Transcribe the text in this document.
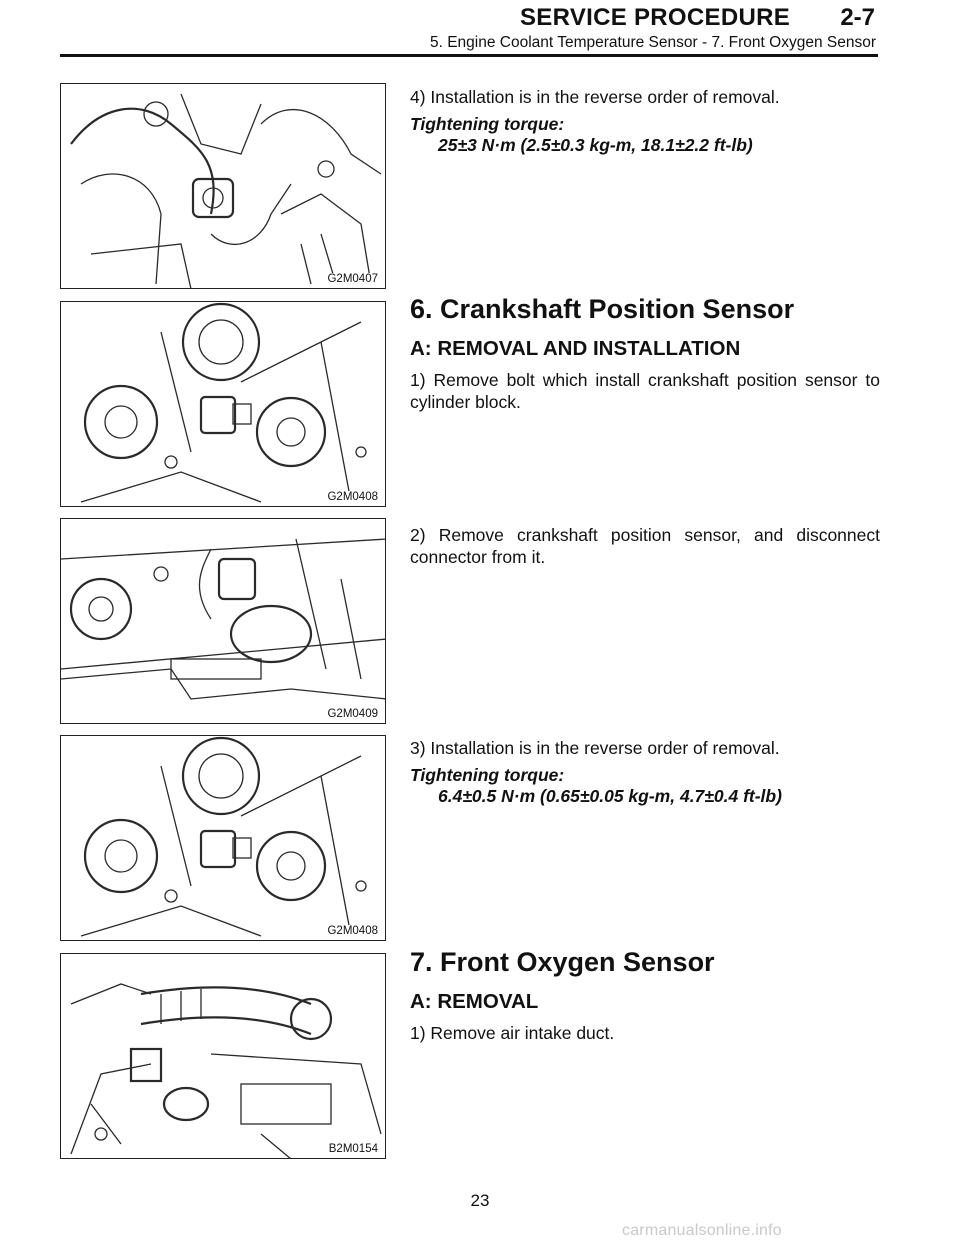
SERVICE PROCEDURE 2-7
5. Engine Coolant Temperature Sensor - 7. Front Oxygen Sensor
G2M0407
G2M0408
G2M0409
G2M0408
B2M0154

4) Installation is in the reverse order of removal.

Tightening torque:

25±3 N·m (2.5±0.3 kg-m, 18.1±2.2 ft-lb)

6. Crankshaft Position Sensor

A: REMOVAL AND INSTALLATION

1) Remove bolt which install crankshaft position sensor to cylinder block.

2) Remove crankshaft position sensor, and disconnect connector from it.

3) Installation is in the reverse order of removal.

Tightening torque:

6.4±0.5 N·m (0.65±0.05 kg-m, 4.7±0.4 ft-lb)

7. Front Oxygen Sensor

A: REMOVAL

1) Remove air intake duct.

23
carmanualsonline.info
